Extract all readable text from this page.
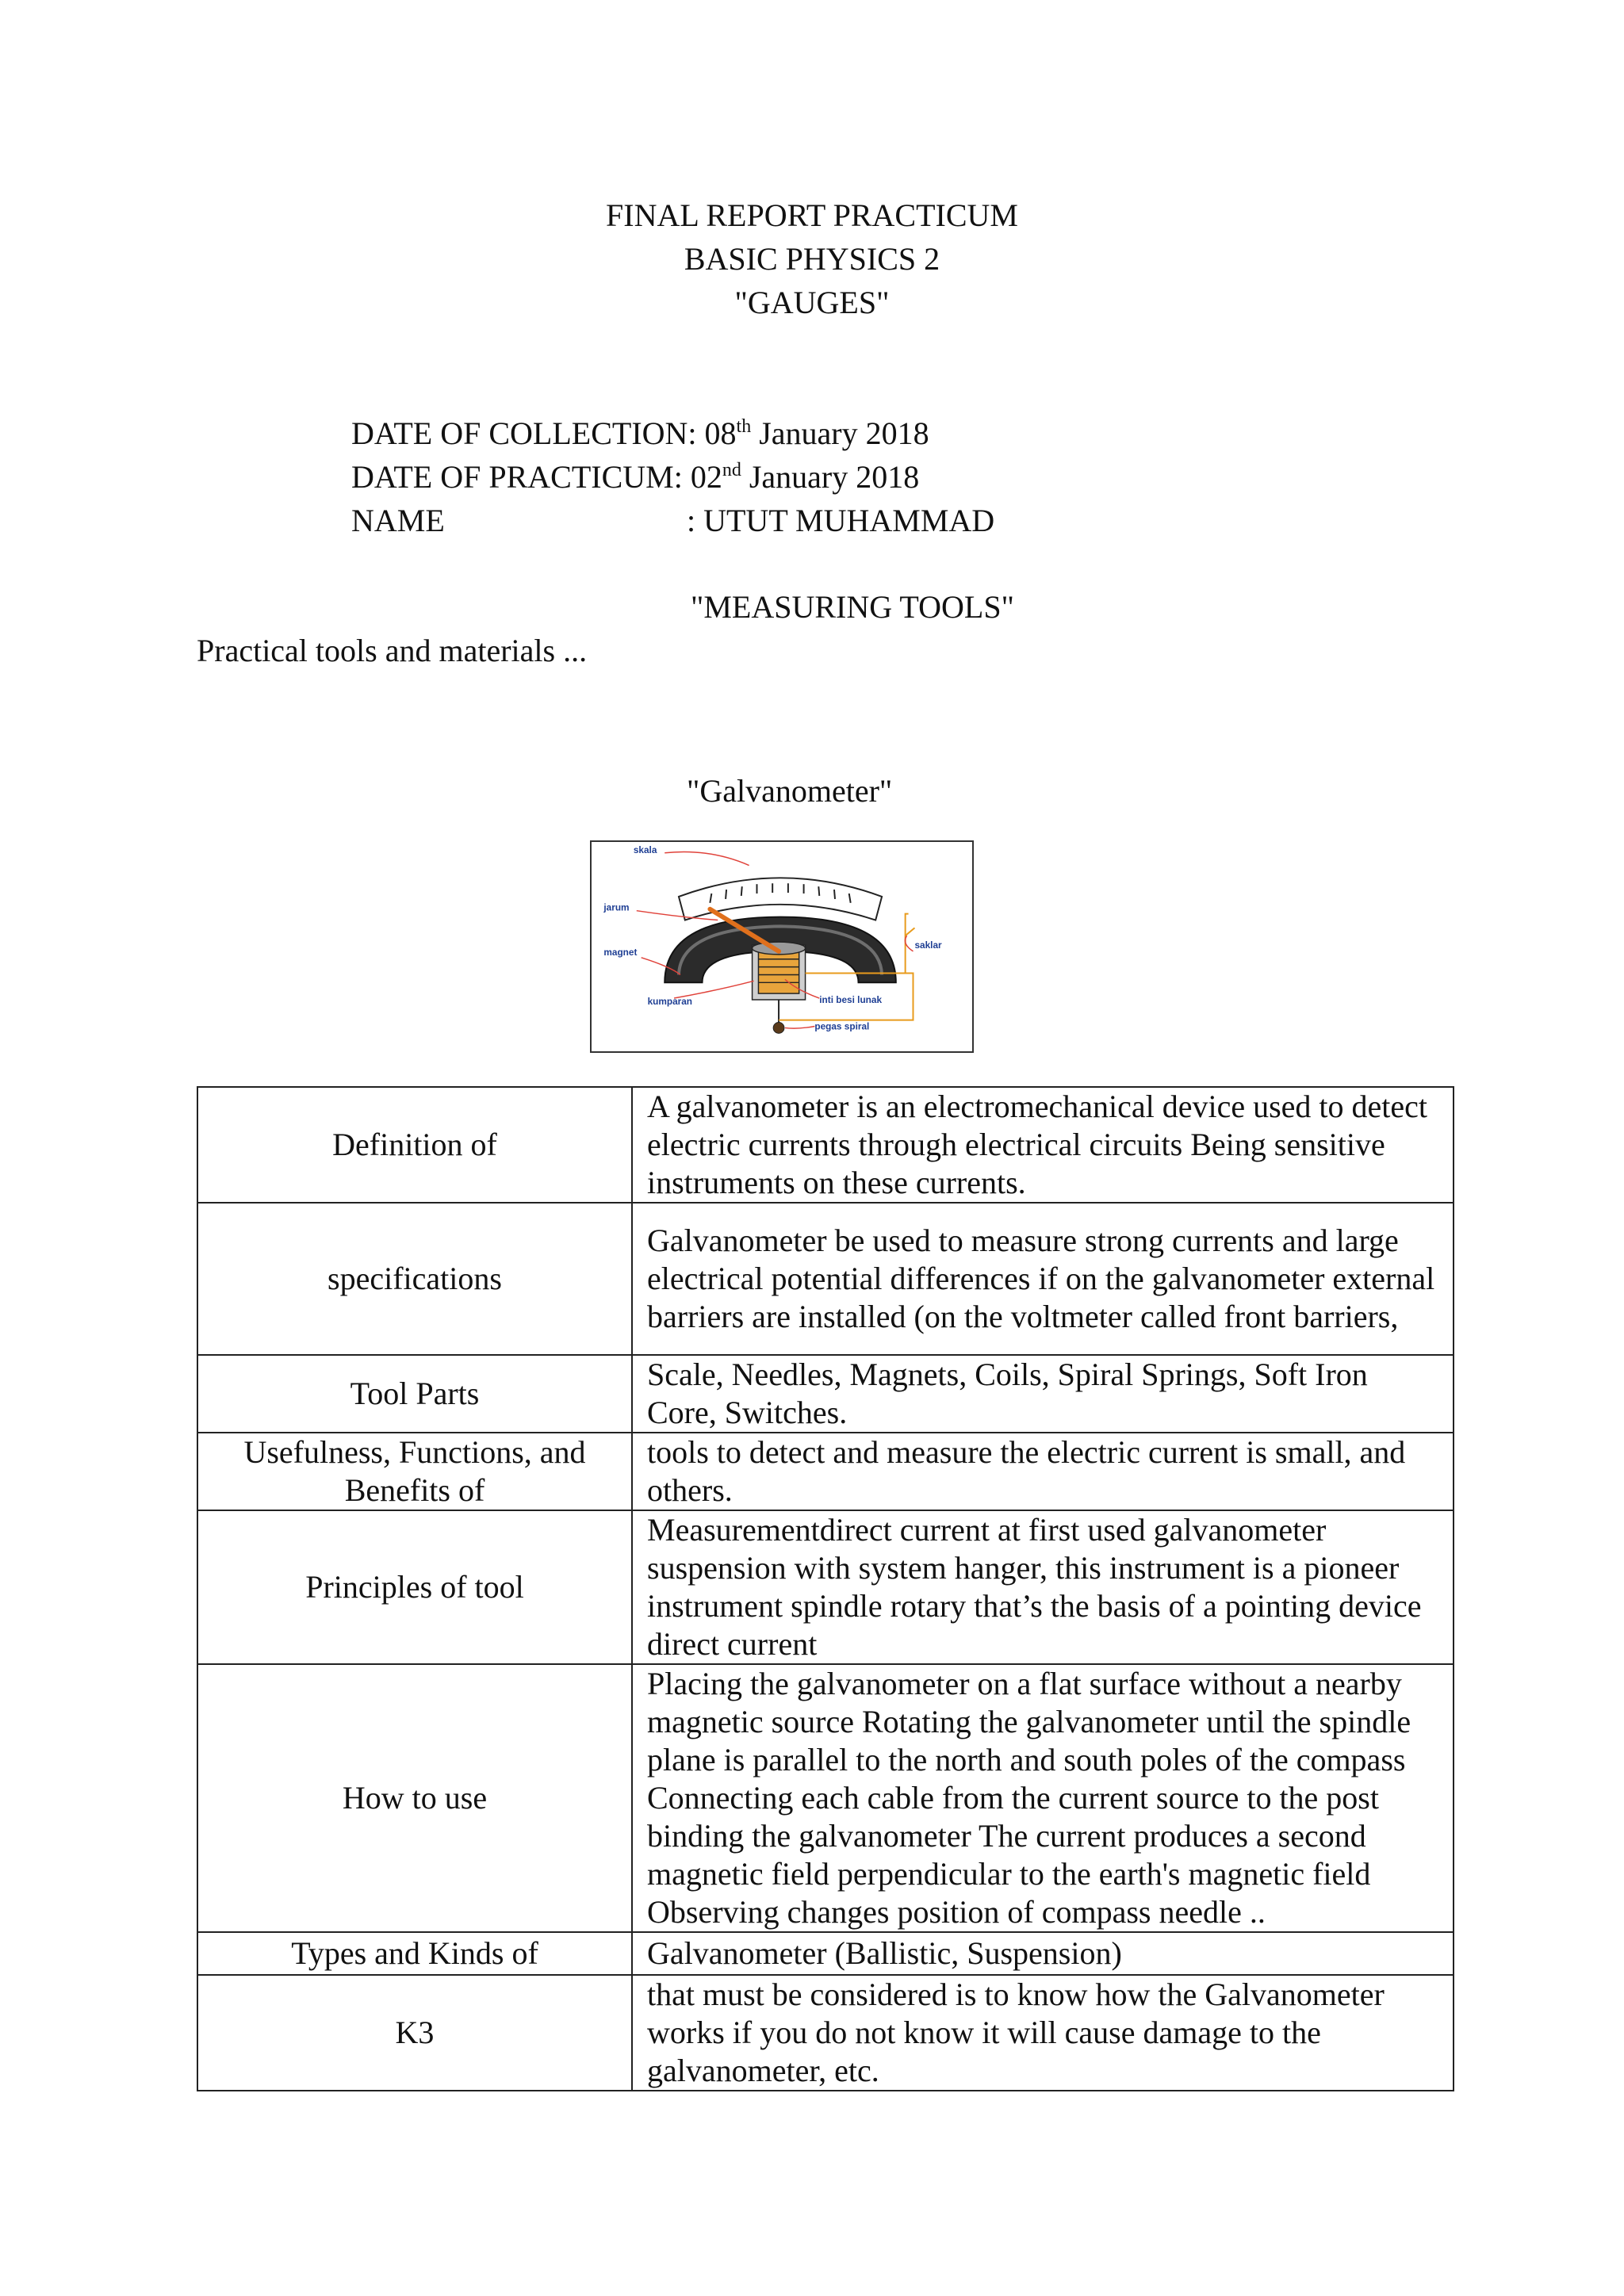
FINAL REPORT PRACTICUM
BASIC PHYSICS 2
"GAUGES"
DATE OF COLLECTION: 08th January 2018
DATE OF PRACTICUM: 02nd January 2018
NAME	: UTUT MUHAMMAD
"MEASURING TOOLS"
Practical tools and materials ...
"Galvanometer"
U	S
skala
jarum
magnet
kumparan
saklar
inti besi lunak
pegas spiral
Definition of	A galvanometer is an electromechanical device used to detect electric currents through electrical circuits Being sensitive instruments on these currents.
specifications	Galvanometer be used to measure strong currents and large electrical potential differences if on the galvanometer external barriers are installed (on the voltmeter called front barriers,
Tool Parts	Scale, Needles, Magnets, Coils, Spiral Springs, Soft Iron Core, Switches.
Usefulness, Functions, and Benefits of	tools to detect and measure the electric current is small, and others.
Principles of tool	Measurementdirect current at first used galvanometer suspension with system hanger, this instrument is a pioneer instrument spindle rotary that’s the basis of a pointing device direct current
How to use	Placing the galvanometer on a flat surface without a nearby magnetic source Rotating the galvanometer until the spindle plane is parallel to the north and south poles of the compass Connecting each cable from the current source to the post binding the galvanometer The current produces a second magnetic field perpendicular to the earth's magnetic field Observing changes position of compass needle ..
Types and Kinds of	Galvanometer (Ballistic, Suspension)
K3	that must be considered is to know how the Galvanometer works if you do not know it will cause damage to the galvanometer, etc.
